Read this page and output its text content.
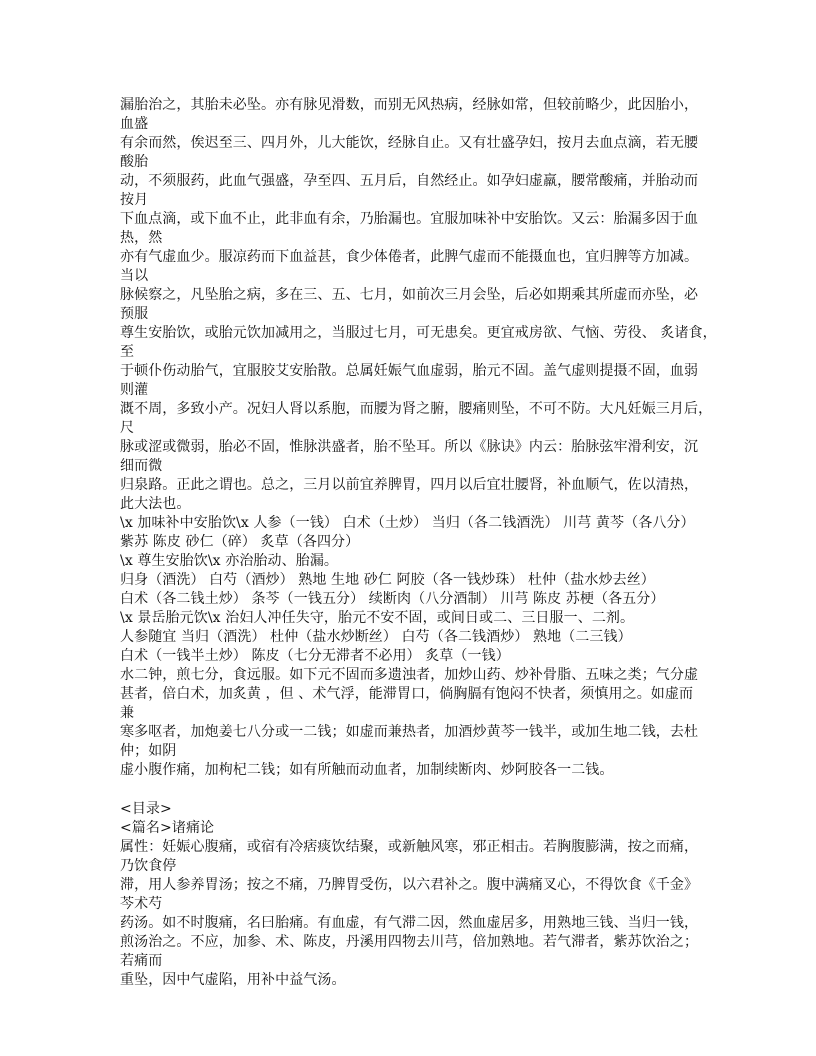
漏胎治之，其胎未必坠。亦有脉见滑数，而别无风热病，经脉如常，但较前略少，此因胎小，
血盛
有余而然，俟迟至三、四月外，儿大能饮，经脉自止。又有壮盛孕妇，按月去血点滴，若无腰
酸胎
动，不须服药，此血气强盛，孕至四、五月后，自然经止。如孕妇虚羸，腰常酸痛，并胎动而
按月
下血点滴，或下血不止，此非血有余，乃胎漏也。宜服加味补中安胎饮。又云：胎漏多因于血
热，然
亦有气虚血少。服凉药而下血益甚，食少体倦者，此脾气虚而不能摄血也，宜归脾等方加减。
当以
脉候察之，凡坠胎之病，多在三、五、七月，如前次三月会坠，后必如期乘其所虚而亦坠，必
预服
尊生安胎饮，或胎元饮加减用之，当服过七月，可无患矣。更宜戒房欲、气恼、劳役、 炙诸食，
至
于顿仆伤动胎气，宜服胶艾安胎散。总属妊娠气血虚弱，胎元不固。盖气虚则提摄不固，血弱
则灌
溉不周，多致小产。况妇人肾以系胞，而腰为肾之腑，腰痛则坠，不可不防。大凡妊娠三月后，
尺
脉或涩或微弱，胎必不固，惟脉洪盛者，胎不坠耳。所以《脉诀》内云：胎脉弦牢滑利安，沉
细而微
归泉路。正此之谓也。总之，三月以前宜养脾胃，四月以后宜壮腰肾，补血顺气，佐以清热，
此大法也。
\x 加味补中安胎饮\x 人参（一钱） 白术（土炒） 当归（各二钱酒洗） 川芎 黄芩（各八分）
紫苏 陈皮 砂仁（碎） 炙草（各四分）
\x 尊生安胎饮\x 亦治胎动、胎漏。
归身（酒洗） 白芍（酒炒） 熟地 生地 砂仁 阿胶（各一钱炒珠） 杜仲（盐水炒去丝）
白术（各二钱土炒） 条芩（一钱五分） 续断肉（八分酒制） 川芎 陈皮 苏梗（各五分）
\x 景岳胎元饮\x 治妇人冲任失守，胎元不安不固，或间日或二、三日服一、二剂。
人参随宜 当归（酒洗） 杜仲（盐水炒断丝） 白芍（各二钱酒炒） 熟地（二三钱）
白术（一钱半土炒） 陈皮（七分无滞者不必用） 炙草（一钱）
水二钟，煎七分，食远服。如下元不固而多遗浊者，加炒山药、炒补骨脂、五味之类；气分虚
甚者，倍白术，加炙黄 ，但 、术气浮，能滞胃口，倘胸膈有饱闷不快者，须慎用之。如虚而
兼
寒多呕者，加炮姜七八分或一二钱；如虚而兼热者，加酒炒黄芩一钱半，或加生地二钱，去杜
仲；如阴
虚小腹作痛，加枸杞二钱；如有所触而动血者，加制续断肉、炒阿胶各一二钱。
<目录>
<篇名>诸痛论
属性：妊娠心腹痛，或宿有冷痞痰饮结聚，或新触风寒，邪正相击。若胸腹膨满，按之而痛，
乃饮食停
滞，用人参养胃汤；按之不痛，乃脾胃受伤，以六君补之。腹中满痛叉心，不得饮食《千金》
芩术芍
药汤。如不时腹痛，名曰胎痛。有血虚，有气滞二因，然血虚居多，用熟地三钱、当归一钱，
煎汤治之。不应，加参、术、陈皮，丹溪用四物去川芎，倍加熟地。若气滞者，紫苏饮治之；
若痛而
重坠，因中气虚陷，用补中益气汤。
